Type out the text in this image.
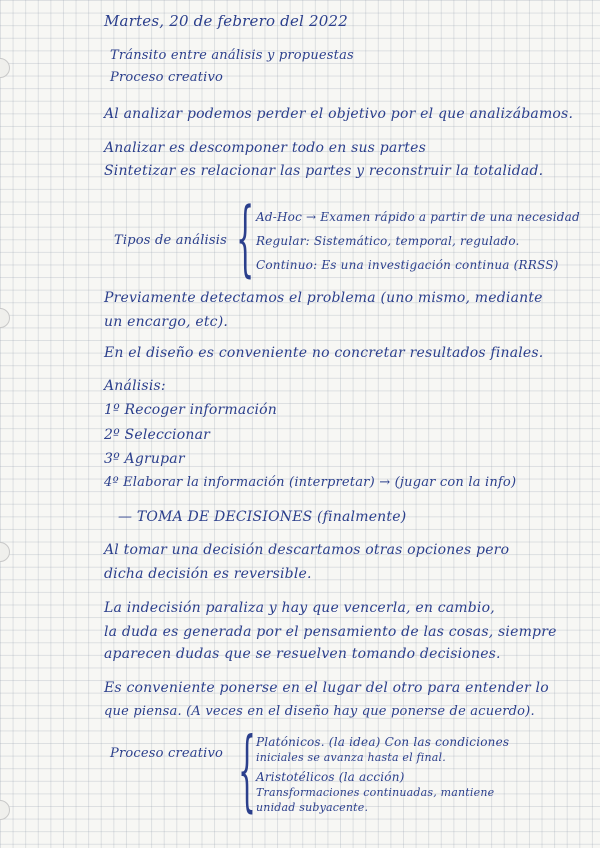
Martes, 20 de febrero del 2022
Tránsito entre análisis y propuestas
Proceso creativo
Al analizar podemos perder el objetivo por el que analizábamos.
Analizar es descomponer todo en sus partes
Sintetizar es relacionar las partes y reconstruir la totalidad.
Tipos de análisis { Ad-Hoc → Examen rápido a partir de una necesidad
Regular: Sistemático, temporal, regulado.
Continuo: Es una investigación continua (RRSS)
Previamente detectamos el problema (uno mismo, mediante
un encargo, etc).
En el diseño es conveniente no concretar resultados finales.
Análisis:
1º Recoger información
2º Seleccionar
3º Agrupar
4º Elaborar la información (interpretar) → (jugar con la info)
— TOMA DE DECISIONES (finalmente)
Al tomar una decisión descartamos otras opciones pero
dicha decisión es reversible.
La indecisión paraliza y hay que vencerla, en cambio,
la duda es generada por el pensamiento de las cosas, siempre
aparecen dudas que se resuelven tomando decisiones.
Es conveniente ponerse en el lugar del otro para entender lo
que piensa. (A veces en el diseño hay que ponerse de acuerdo).
Proceso creativo { Platónicos. (la idea) Con las condiciones
iniciales se avanza hasta el final.
Aristotélicos (la acción)
Transformaciones continuadas, mantiene
unidad subyacente.
